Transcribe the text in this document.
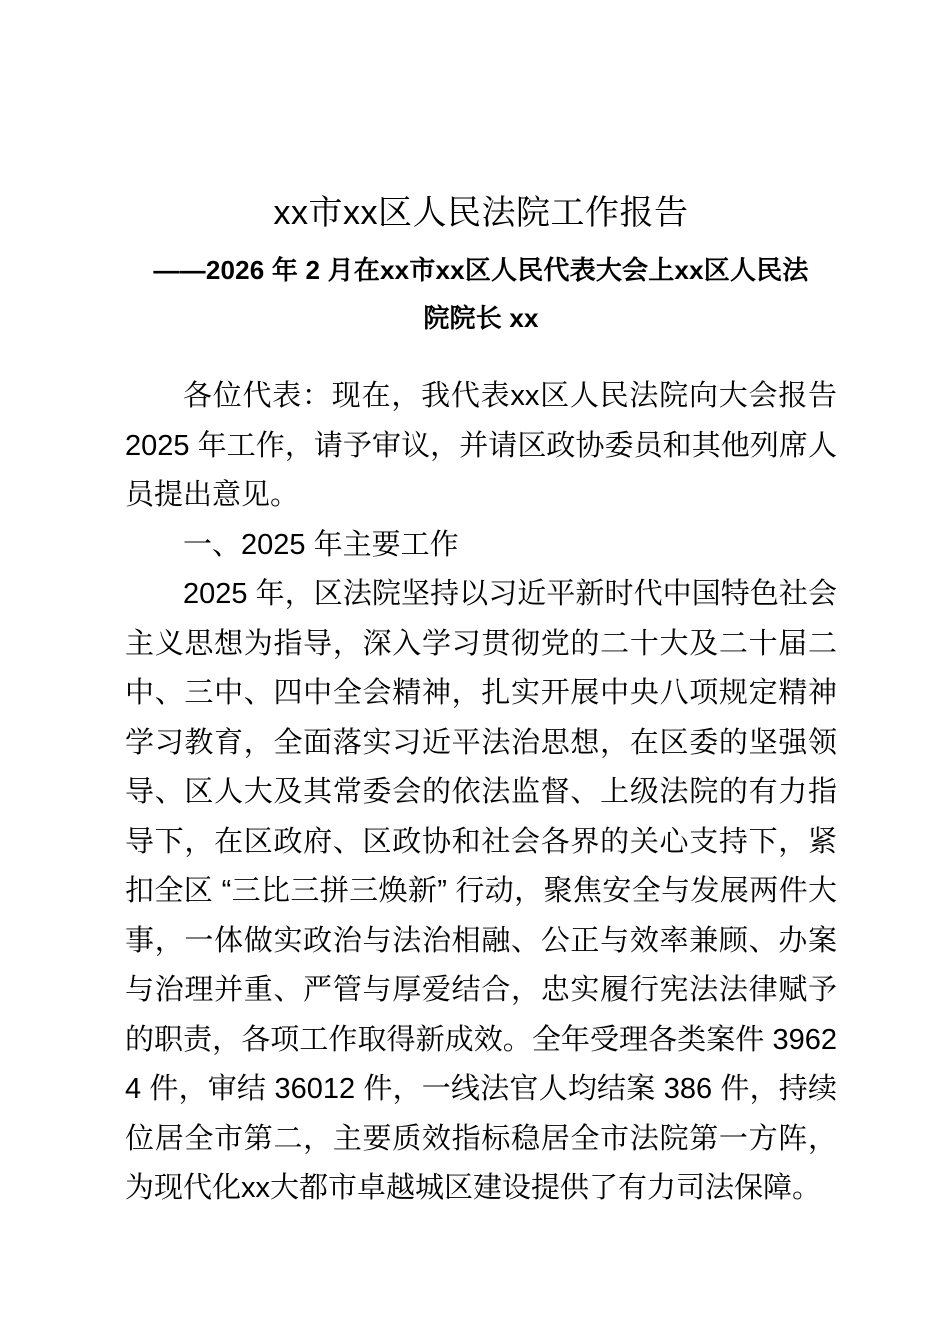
xx市xx区人民法院工作报告
——2026 年 2 月在xx市xx区人民代表大会上xx区人民法
院院长 xx

各位代表：现在，我代表xx区人民法院向大会报告 2025 年工作，请予审议，并请区政协委员和其他列席人员提出意见。

一、2025 年主要工作

2025 年，区法院坚持以习近平新时代中国特色社会主义思想为指导，深入学习贯彻党的二十大及二十届二中、三中、四中全会精神，扎实开展中央八项规定精神学习教育，全面落实习近平法治思想，在区委的坚强领导、区人大及其常委会的依法监督、上级法院的有力指导下，在区政府、区政协和社会各界的关心支持下，紧扣全区 “三比三拼三焕新” 行动，聚焦安全与发展两件大事，一体做实政治与法治相融、公正与效率兼顾、办案与治理并重、严管与厚爱结合，忠实履行宪法法律赋予的职责，各项工作取得新成效。全年受理各类案件 39624 件，审结 36012 件，一线法官人均结案 386 件，持续位居全市第二，主要质效指标稳居全市法院第一方阵，为现代化xx大都市卓越城区建设提供了有力司法保障。
